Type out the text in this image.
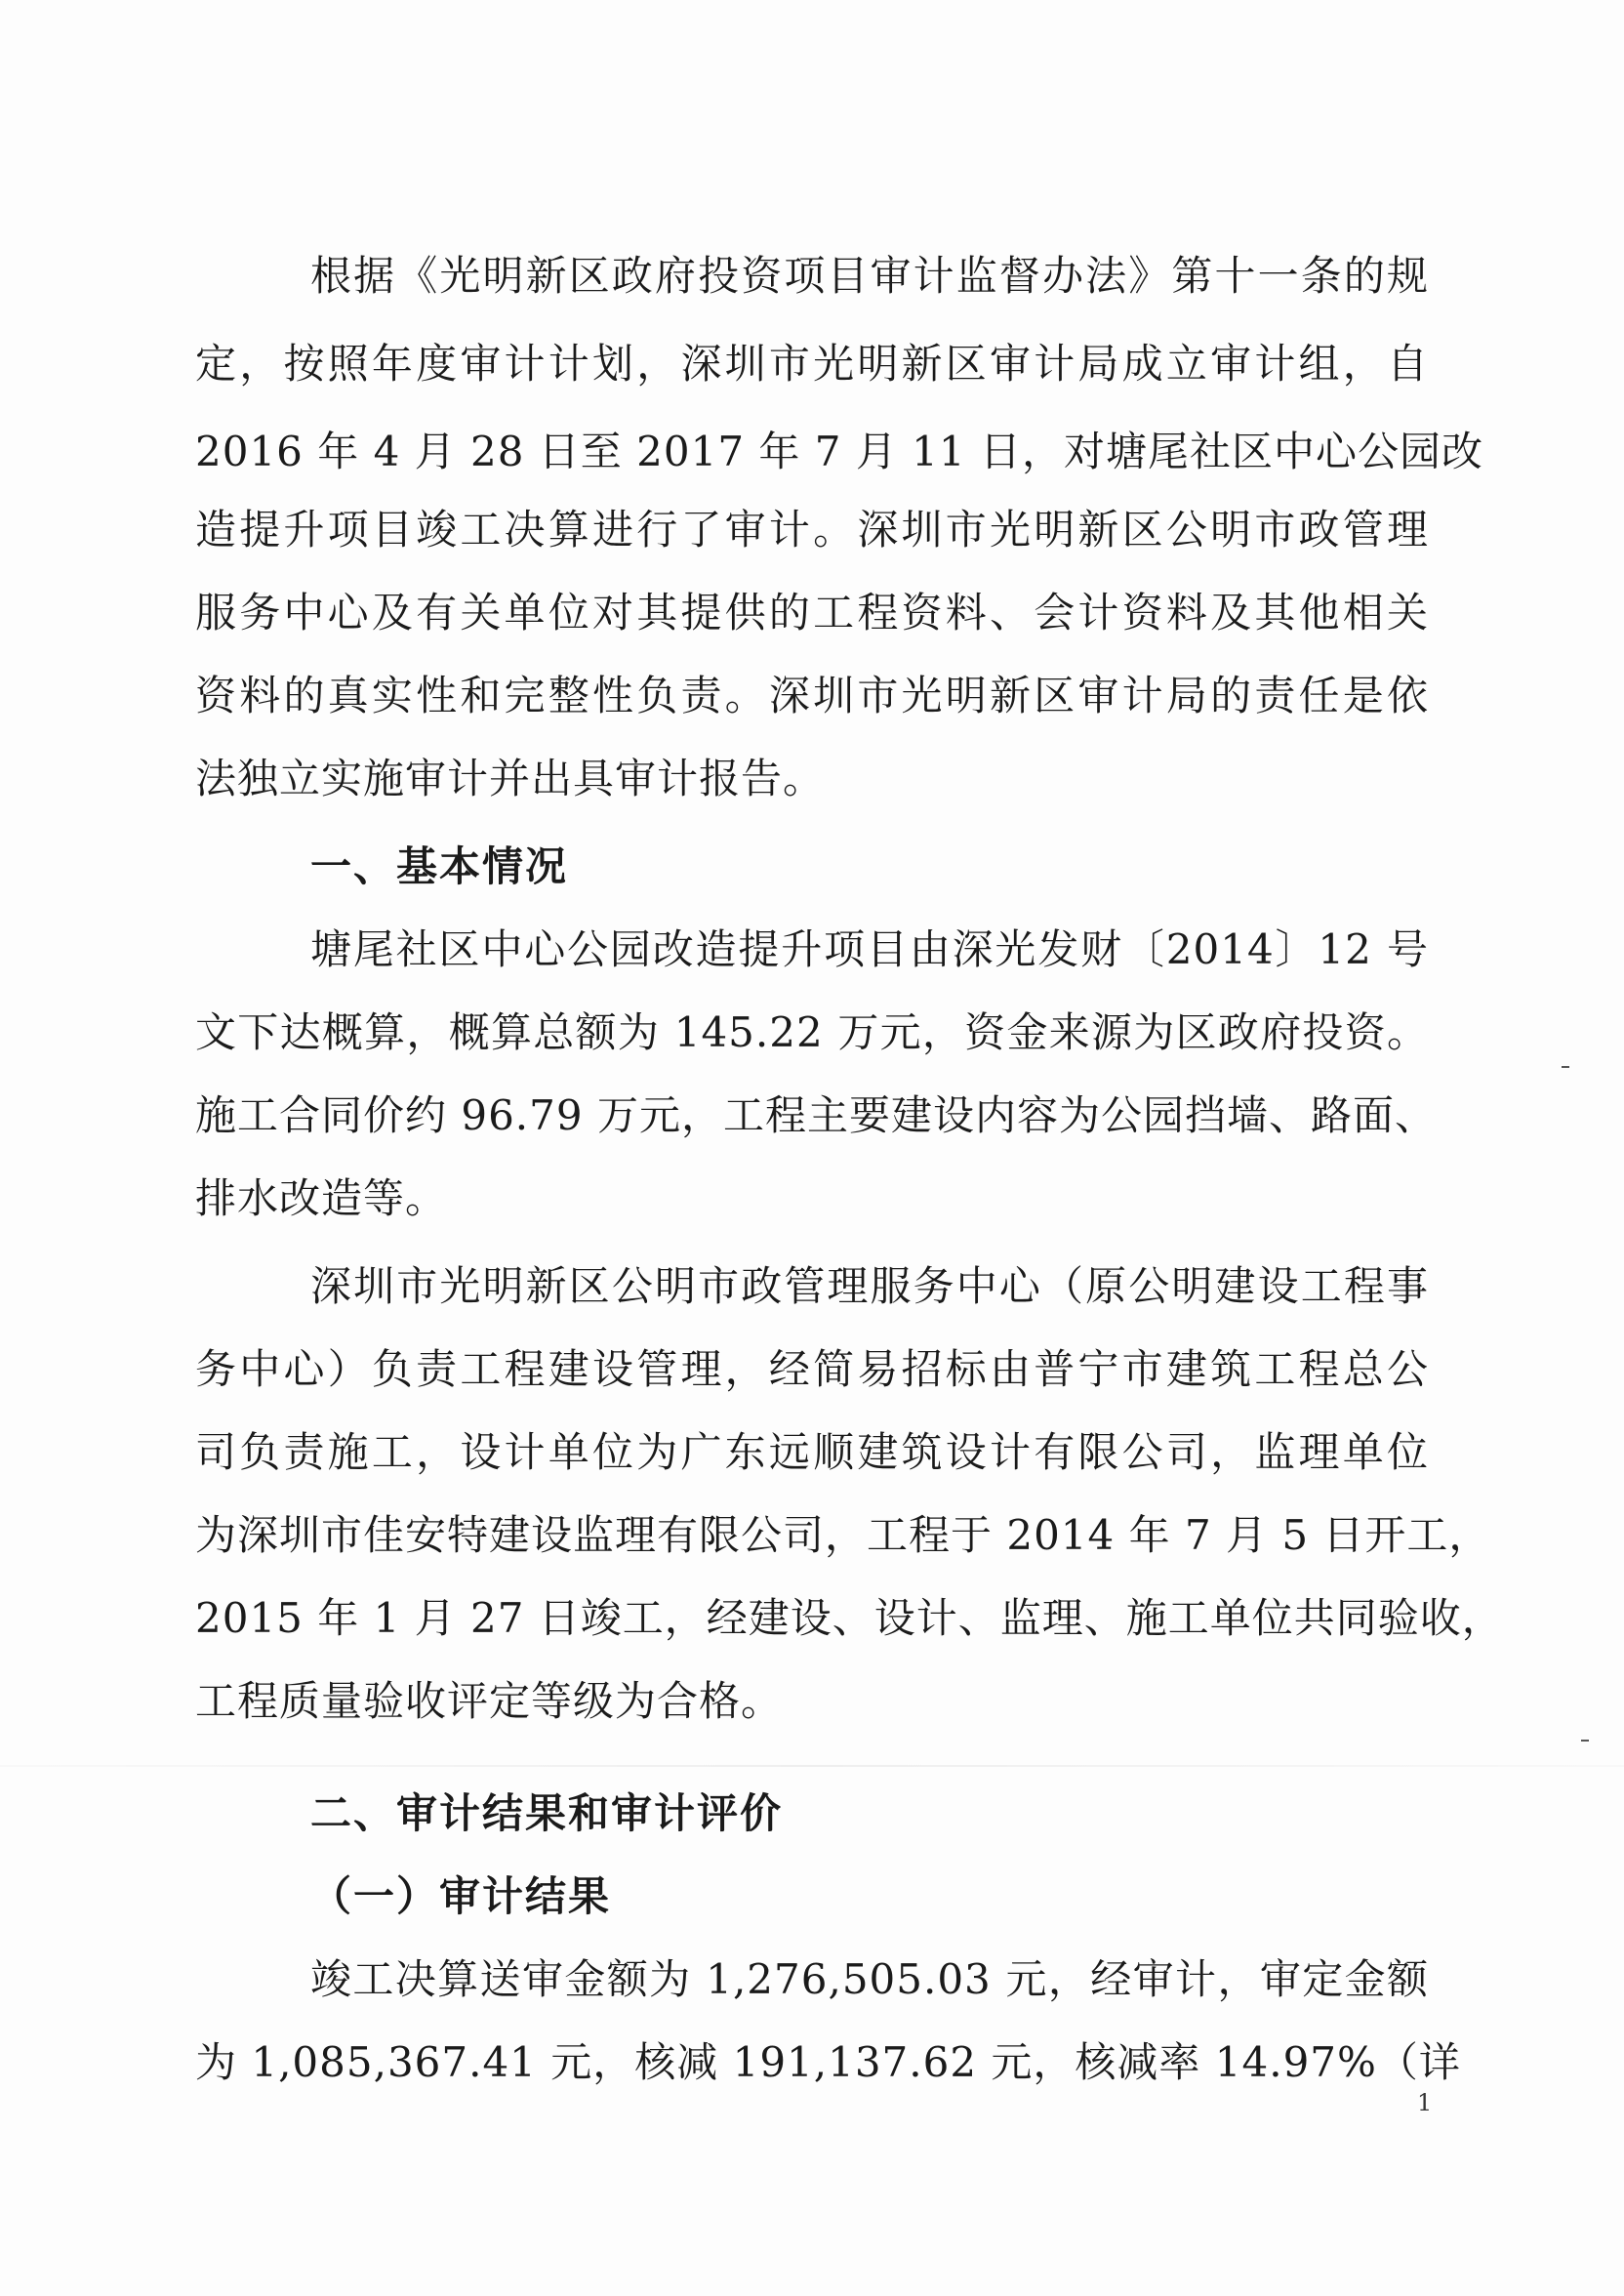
根据《光明新区政府投资项目审计监督办法》第十一条的规
定，按照年度审计计划，深圳市光明新区审计局成立审计组，自
2016 年 4 月 28 日至 2017 年 7 月 11 日，对塘尾社区中心公园改
造提升项目竣工决算进行了审计。深圳市光明新区公明市政管理
服务中心及有关单位对其提供的工程资料、会计资料及其他相关
资料的真实性和完整性负责。深圳市光明新区审计局的责任是依
法独立实施审计并出具审计报告。
一、基本情况
塘尾社区中心公园改造提升项目由深光发财〔2014〕12 号
文下达概算，概算总额为 145.22 万元，资金来源为区政府投资。
施工合同价约 96.79 万元，工程主要建设内容为公园挡墙、路面、
排水改造等。
深圳市光明新区公明市政管理服务中心（原公明建设工程事
务中心）负责工程建设管理，经简易招标由普宁市建筑工程总公
司负责施工，设计单位为广东远顺建筑设计有限公司，监理单位
为深圳市佳安特建设监理有限公司，工程于 2014 年 7 月 5 日开工，
2015 年 1 月 27 日竣工，经建设、设计、监理、施工单位共同验收，
工程质量验收评定等级为合格。
二、审计结果和审计评价
（一）审计结果
竣工决算送审金额为 1,276,505.03 元，经审计，审定金额
为 1,085,367.41 元，核减 191,137.62 元，核减率 14.97%（详
1
